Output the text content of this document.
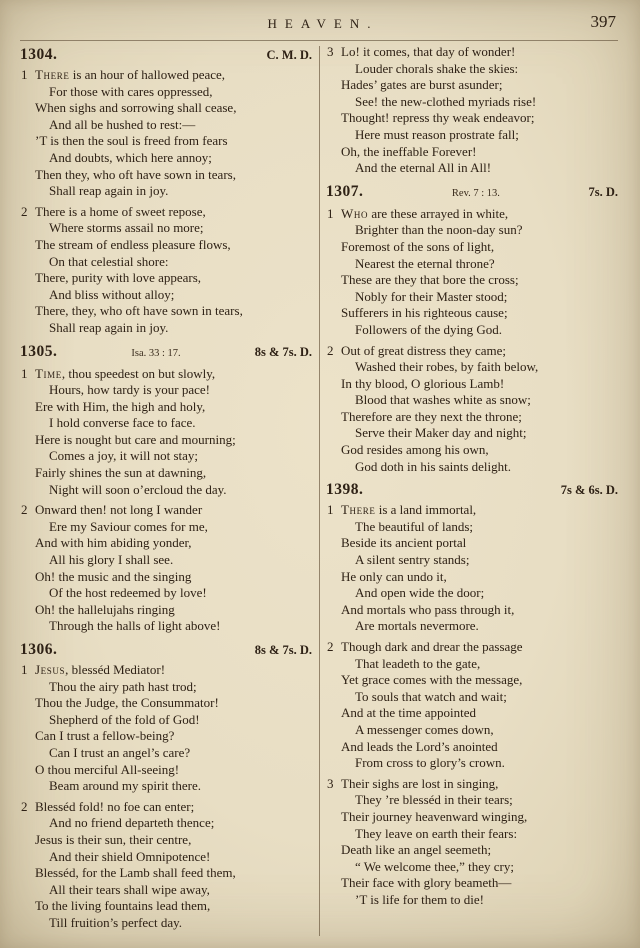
HEAVEN.	397
1304.	C. M. D.
1 There is an hour of hallowed peace,
For those with cares oppressed,
When sighs and sorrowing shall cease,
And all be hushed to rest:—
’T is then the soul is freed from fears
And doubts, which here annoy;
Then they, who oft have sown in tears,
Shall reap again in joy.
2 There is a home of sweet repose,
Where storms assail no more;
The stream of endless pleasure flows,
On that celestial shore:
There, purity with love appears,
And bliss without alloy;
There, they, who oft have sown in tears,
Shall reap again in joy.
1305.	Isa. 33 : 17.	8s & 7s. D.
1 Time, thou speedest on but slowly,
Hours, how tardy is your pace!
Ere with Him, the high and holy,
I hold converse face to face.
Here is nought but care and mourning;
Comes a joy, it will not stay;
Fairly shines the sun at dawning,
Night will soon o’ercloud the day.
2 Onward then! not long I wander
Ere my Saviour comes for me,
And with him abiding yonder,
All his glory I shall see.
Oh! the music and the singing
Of the host redeemed by love!
Oh! the hallelujahs ringing
Through the halls of light above!
1306.	8s & 7s. D.
1 Jesus, blesséd Mediator!
Thou the airy path hast trod;
Thou the Judge, the Consummator!
Shepherd of the fold of God!
Can I trust a fellow-being?
Can I trust an angel’s care?
O thou merciful All-seeing!
Beam around my spirit there.
2 Blesséd fold! no foe can enter;
And no friend departeth thence;
Jesus is their sun, their centre,
And their shield Omnipotence!
Blesséd, for the Lamb shall feed them,
All their tears shall wipe away,
To the living fountains lead them,
Till fruition’s perfect day.
3 Lo! it comes, that day of wonder!
Louder chorals shake the skies:
Hades’ gates are burst asunder;
See! the new-clothed myriads rise!
Thought! repress thy weak endeavor;
Here must reason prostrate fall;
Oh, the ineffable Forever!
And the eternal All in All!
1307.	Rev. 7 : 13.	7s. D.
1 Who are these arrayed in white,
Brighter than the noon-day sun?
Foremost of the sons of light,
Nearest the eternal throne?
These are they that bore the cross;
Nobly for their Master stood;
Sufferers in his righteous cause;
Followers of the dying God.
2 Out of great distress they came;
Washed their robes, by faith below,
In thy blood, O glorious Lamb!
Blood that washes white as snow;
Therefore are they next the throne;
Serve their Maker day and night;
God resides among his own,
God doth in his saints delight.
1398.	7s & 6s. D.
1 There is a land immortal,
The beautiful of lands;
Beside its ancient portal
A silent sentry stands;
He only can undo it,
And open wide the door;
And mortals who pass through it,
Are mortals nevermore.
2 Though dark and drear the passage
That leadeth to the gate,
Yet grace comes with the message,
To souls that watch and wait;
And at the time appointed
A messenger comes down,
And leads the Lord’s anointed
From cross to glory’s crown.
3 Their sighs are lost in singing,
They ’re blesséd in their tears;
Their journey heavenward winging,
They leave on earth their fears:
Death like an angel seemeth;
“ We welcome thee,” they cry;
Their face with glory beameth—
’T is life for them to die!
